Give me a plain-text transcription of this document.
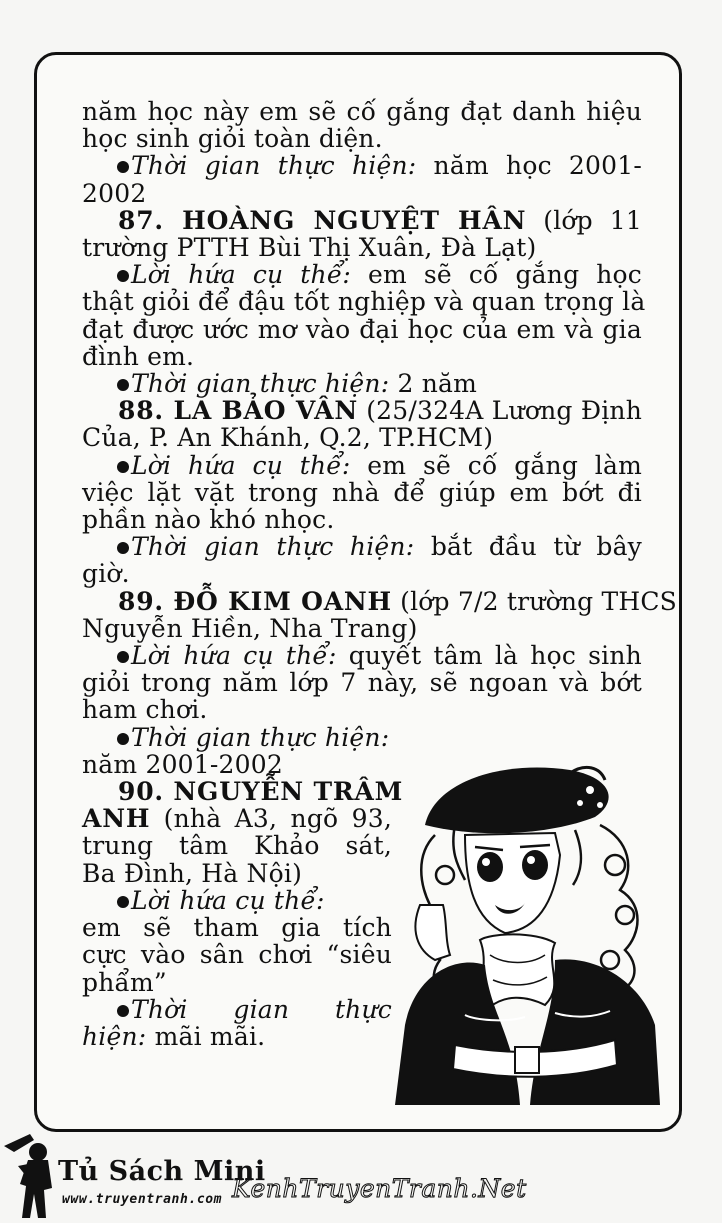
năm học này em sẽ cố gắng đạt danh hiệu
học sinh giỏi toàn diện.
Thời gian thực hiện: năm học 2001-
2002
87. HOÀNG NGUYỆT HÂN (lớp 11
trường PTTH Bùi Thị Xuân, Đà Lạt)
Lời hứa cụ thể: em sẽ cố gắng học
thật giỏi để đậu tốt nghiệp và quan trọng là
đạt được ước mơ vào đại học của em và gia
đình em.
Thời gian thực hiện: 2 năm
88. LA BẢO VÂN (25/324A Lương Định
Của, P. An Khánh, Q.2, TP.HCM)
Lời hứa cụ thể: em sẽ cố gắng làm
việc lặt vặt trong nhà để giúp em bớt đi
phần nào khó nhọc.
Thời gian thực hiện: bắt đầu từ bây
giờ.
89. ĐỖ KIM OANH (lớp 7/2 trường THCS
Nguyễn Hiền, Nha Trang)
Lời hứa cụ thể: quyết tâm là học sinh
giỏi trong năm lớp 7 này, sẽ ngoan và bớt
ham chơi.
Thời gian thực hiện:
năm 2001-2002
90. NGUYỄN TRÂM
ANH (nhà A3, ngõ 93,
trung tâm Khảo sát,
Ba Đình, Hà Nội)
Lời hứa cụ thể:
em sẽ tham gia tích
cực vào sân chơi “siêu
phẩm”
Thời gian thực
hiện: mãi mãi.
Tủ Sách Mini
www.truyentranh.com KenhTruyenTranh.Net
